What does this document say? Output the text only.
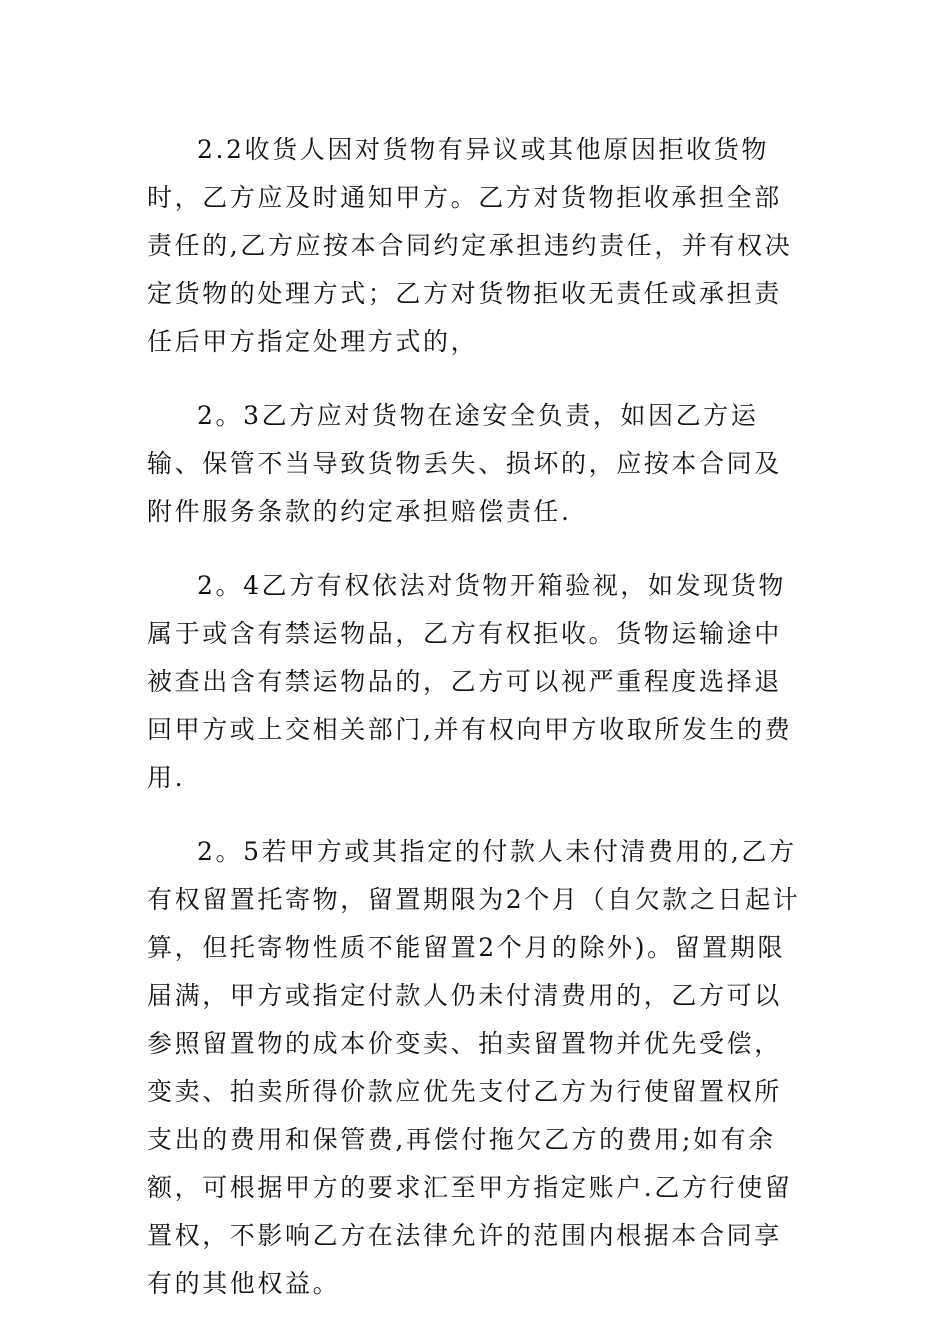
2.2收货人因对货物有异议或其他原因拒收货物时，乙方应及时通知甲方。乙方对货物拒收承担全部责任的,乙方应按本合同约定承担违约责任，并有权决定货物的处理方式；乙方对货物拒收无责任或承担责任后甲方指定处理方式的，

2。3乙方应对货物在途安全负责，如因乙方运输、保管不当导致货物丢失、损坏的，应按本合同及附件服务条款的约定承担赔偿责任.

2。4乙方有权依法对货物开箱验视，如发现货物属于或含有禁运物品，乙方有权拒收。货物运输途中被查出含有禁运物品的，乙方可以视严重程度选择退回甲方或上交相关部门,并有权向甲方收取所发生的费用.

2。5若甲方或其指定的付款人未付清费用的,乙方有权留置托寄物，留置期限为2个月（自欠款之日起计算，但托寄物性质不能留置2个月的除外)。留置期限届满，甲方或指定付款人仍未付清费用的，乙方可以参照留置物的成本价变卖、拍卖留置物并优先受偿，变卖、拍卖所得价款应优先支付乙方为行使留置权所支出的费用和保管费,再偿付拖欠乙方的费用;如有余额，可根据甲方的要求汇至甲方指定账户.乙方行使留置权，不影响乙方在法律允许的范围内根据本合同享有的其他权益。
